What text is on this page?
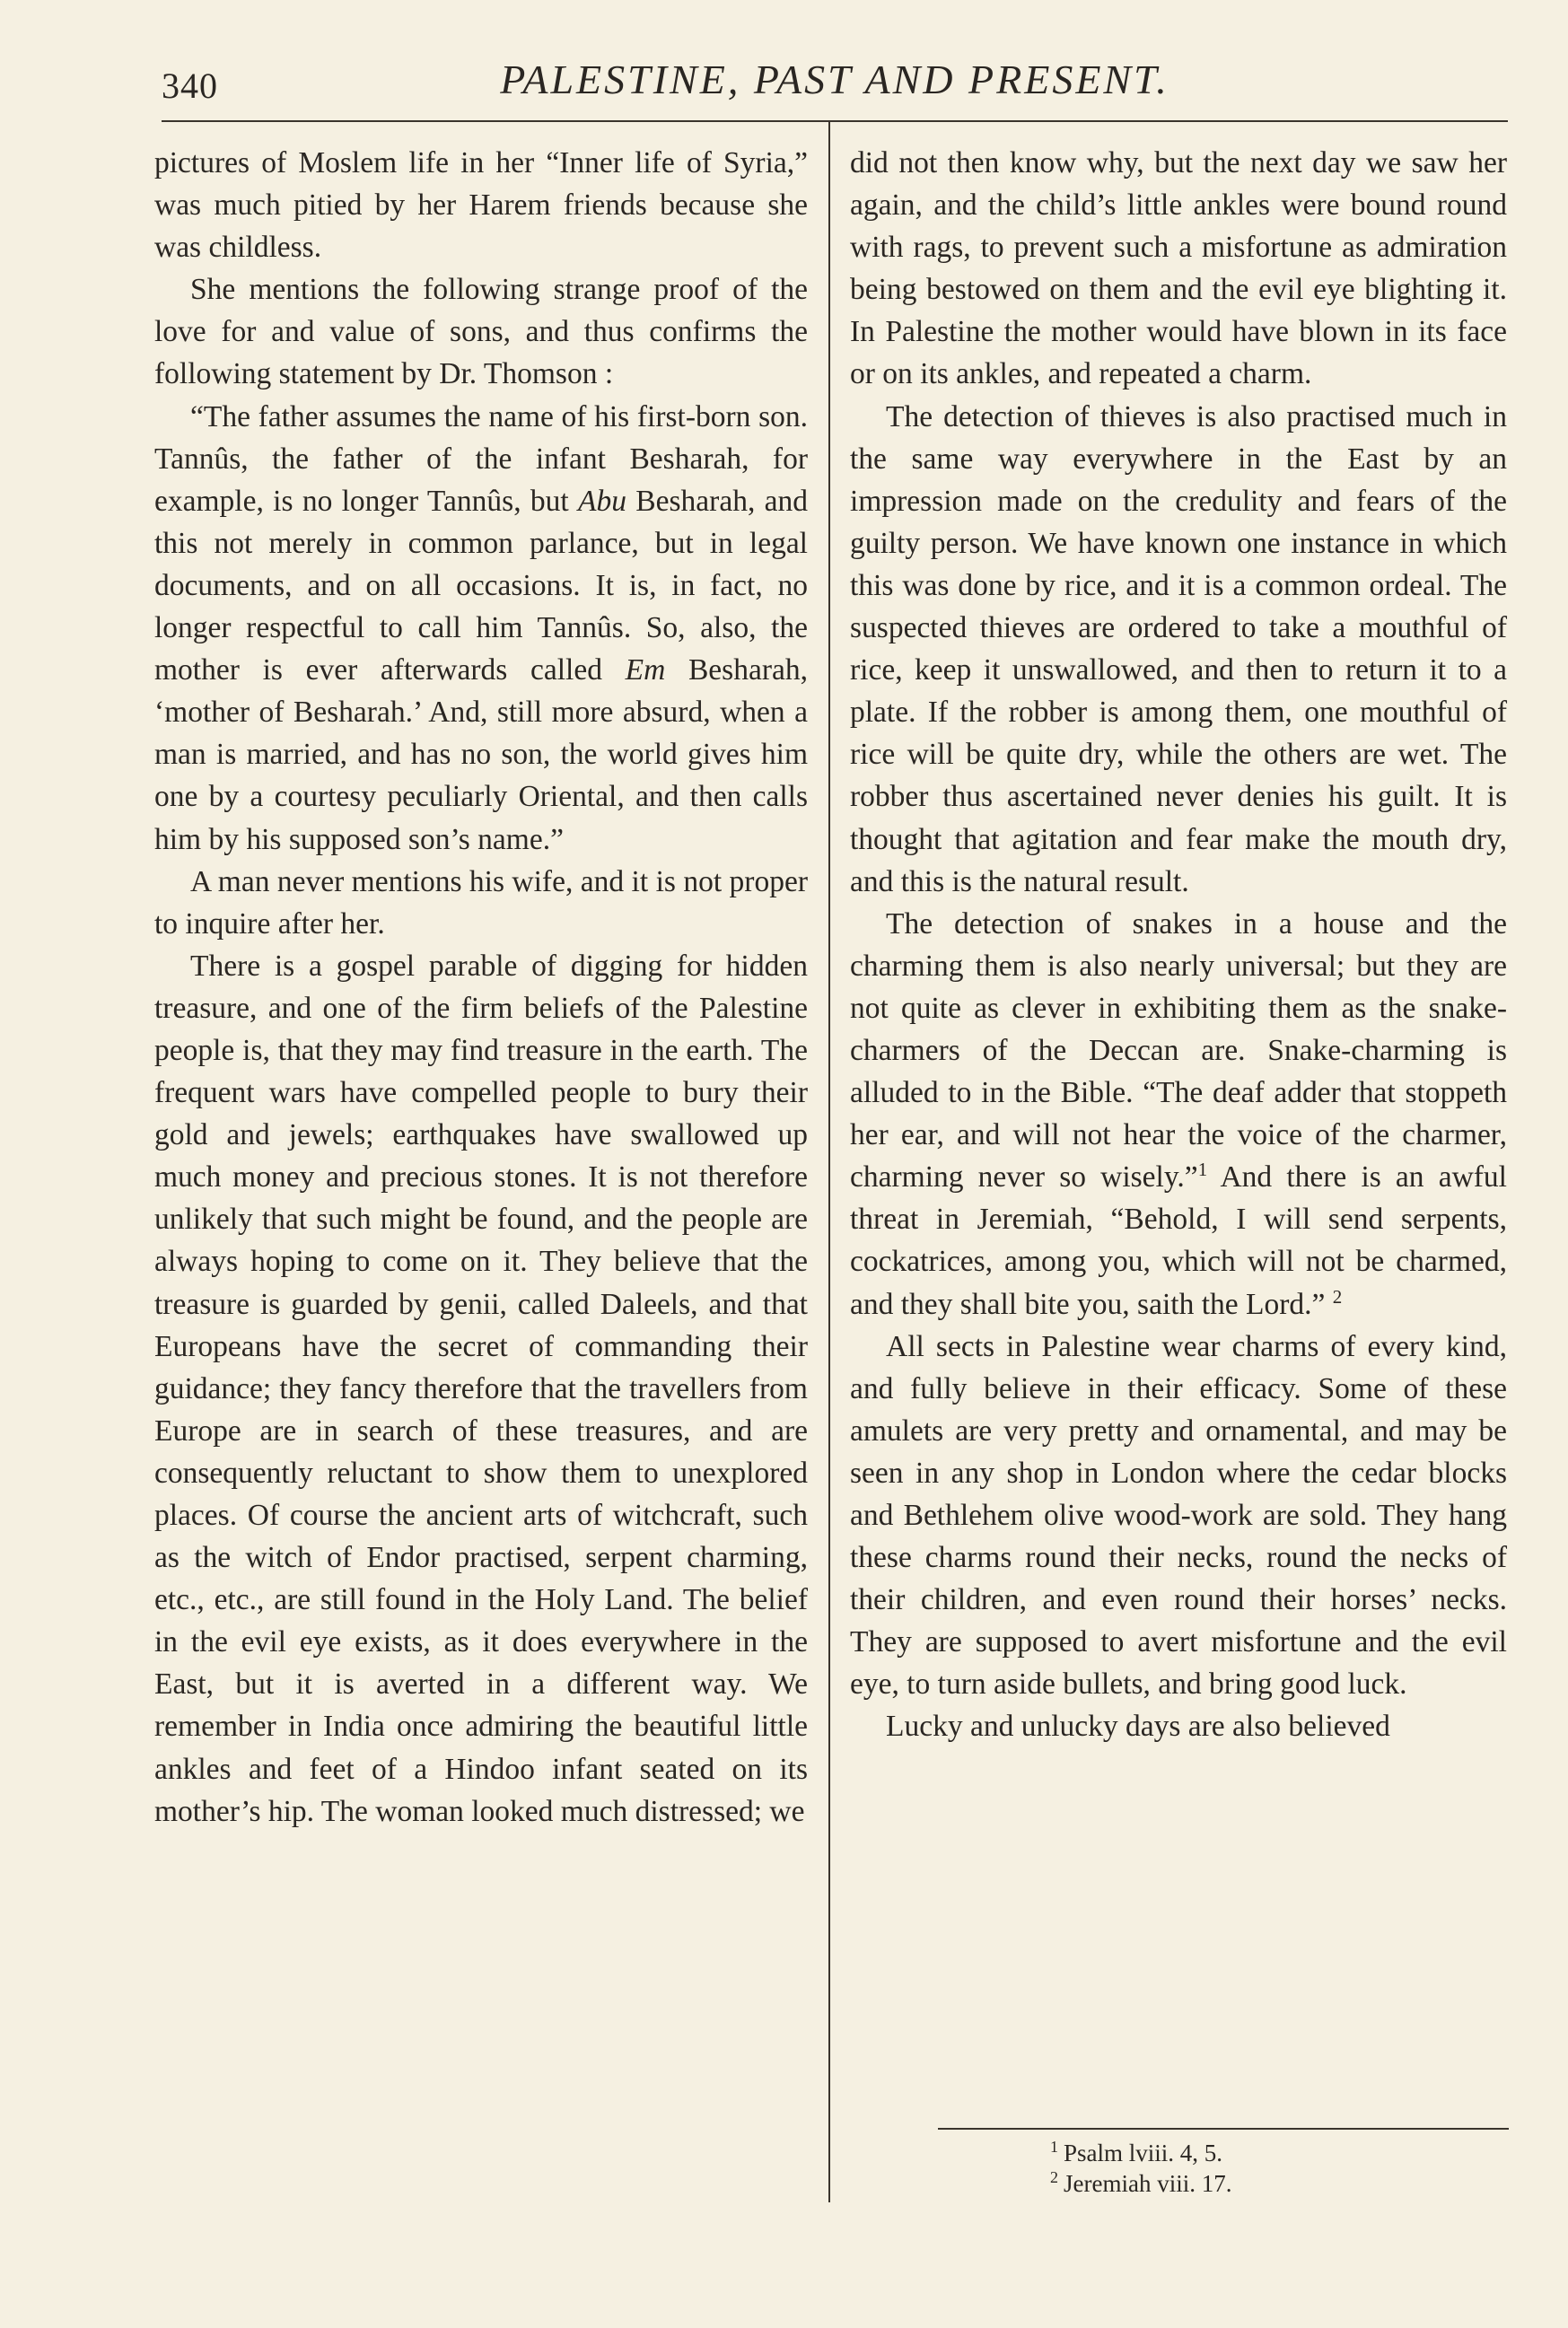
340	PALESTINE, PAST AND PRESENT.

pictures of Moslem life in her “Inner life of Syria,” was much pitied by her Harem friends because she was childless.

She mentions the following strange proof of the love for and value of sons, and thus confirms the following statement by Dr. Thomson :

“The father assumes the name of his first-born son. Tannûs, the father of the infant Besharah, for example, is no longer Tannûs, but Abu Besharah, and this not merely in common parlance, but in legal documents, and on all occasions. It is, in fact, no longer respectful to call him Tannûs. So, also, the mother is ever afterwards called Em Besharah, ‘mother of Besharah.’ And, still more absurd, when a man is married, and has no son, the world gives him one by a courtesy peculiarly Oriental, and then calls him by his supposed son’s name.”

A man never mentions his wife, and it is not proper to inquire after her.

There is a gospel parable of digging for hidden treasure, and one of the firm beliefs of the Palestine people is, that they may find treasure in the earth. The frequent wars have compelled people to bury their gold and jewels; earthquakes have swallowed up much money and precious stones. It is not therefore unlikely that such might be found, and the people are always hoping to come on it. They believe that the treasure is guarded by genii, called Daleels, and that Europeans have the secret of commanding their guidance; they fancy therefore that the travellers from Europe are in search of these treasures, and are consequently reluctant to show them to unexplored places. Of course the ancient arts of witchcraft, such as the witch of Endor practised, serpent charming, etc., etc., are still found in the Holy Land. The belief in the evil eye exists, as it does everywhere in the East, but it is averted in a different way. We remember in India once admiring the beautiful little ankles and feet of a Hindoo infant seated on its mother’s hip. The woman looked much distressed; we

did not then know why, but the next day we saw her again, and the child’s little ankles were bound round with rags, to prevent such a misfortune as admiration being bestowed on them and the evil eye blighting it. In Palestine the mother would have blown in its face or on its ankles, and repeated a charm.

The detection of thieves is also practised much in the same way everywhere in the East by an impression made on the credulity and fears of the guilty person. We have known one instance in which this was done by rice, and it is a common ordeal. The suspected thieves are ordered to take a mouthful of rice, keep it unswallowed, and then to return it to a plate. If the robber is among them, one mouthful of rice will be quite dry, while the others are wet. The robber thus ascertained never denies his guilt. It is thought that agitation and fear make the mouth dry, and this is the natural result.

The detection of snakes in a house and the charming them is also nearly universal; but they are not quite as clever in exhibiting them as the snake-charmers of the Deccan are. Snake-charming is alluded to in the Bible. “The deaf adder that stoppeth her ear, and will not hear the voice of the charmer, charming never so wisely.”$^1$ And there is an awful threat in Jeremiah, “Behold, I will send serpents, cockatrices, among you, which will not be charmed, and they shall bite you, saith the Lord.” $^2$

All sects in Palestine wear charms of every kind, and fully believe in their efficacy. Some of these amulets are very pretty and ornamental, and may be seen in any shop in London where the cedar blocks and Bethlehem olive wood-work are sold. They hang these charms round their necks, round the necks of their children, and even round their horses’ necks. They are supposed to avert misfortune and the evil eye, to turn aside bullets, and bring good luck.

Lucky and unlucky days are also believed

$^1$ Psalm lviii. 4, 5.
$^2$ Jeremiah viii. 17.
